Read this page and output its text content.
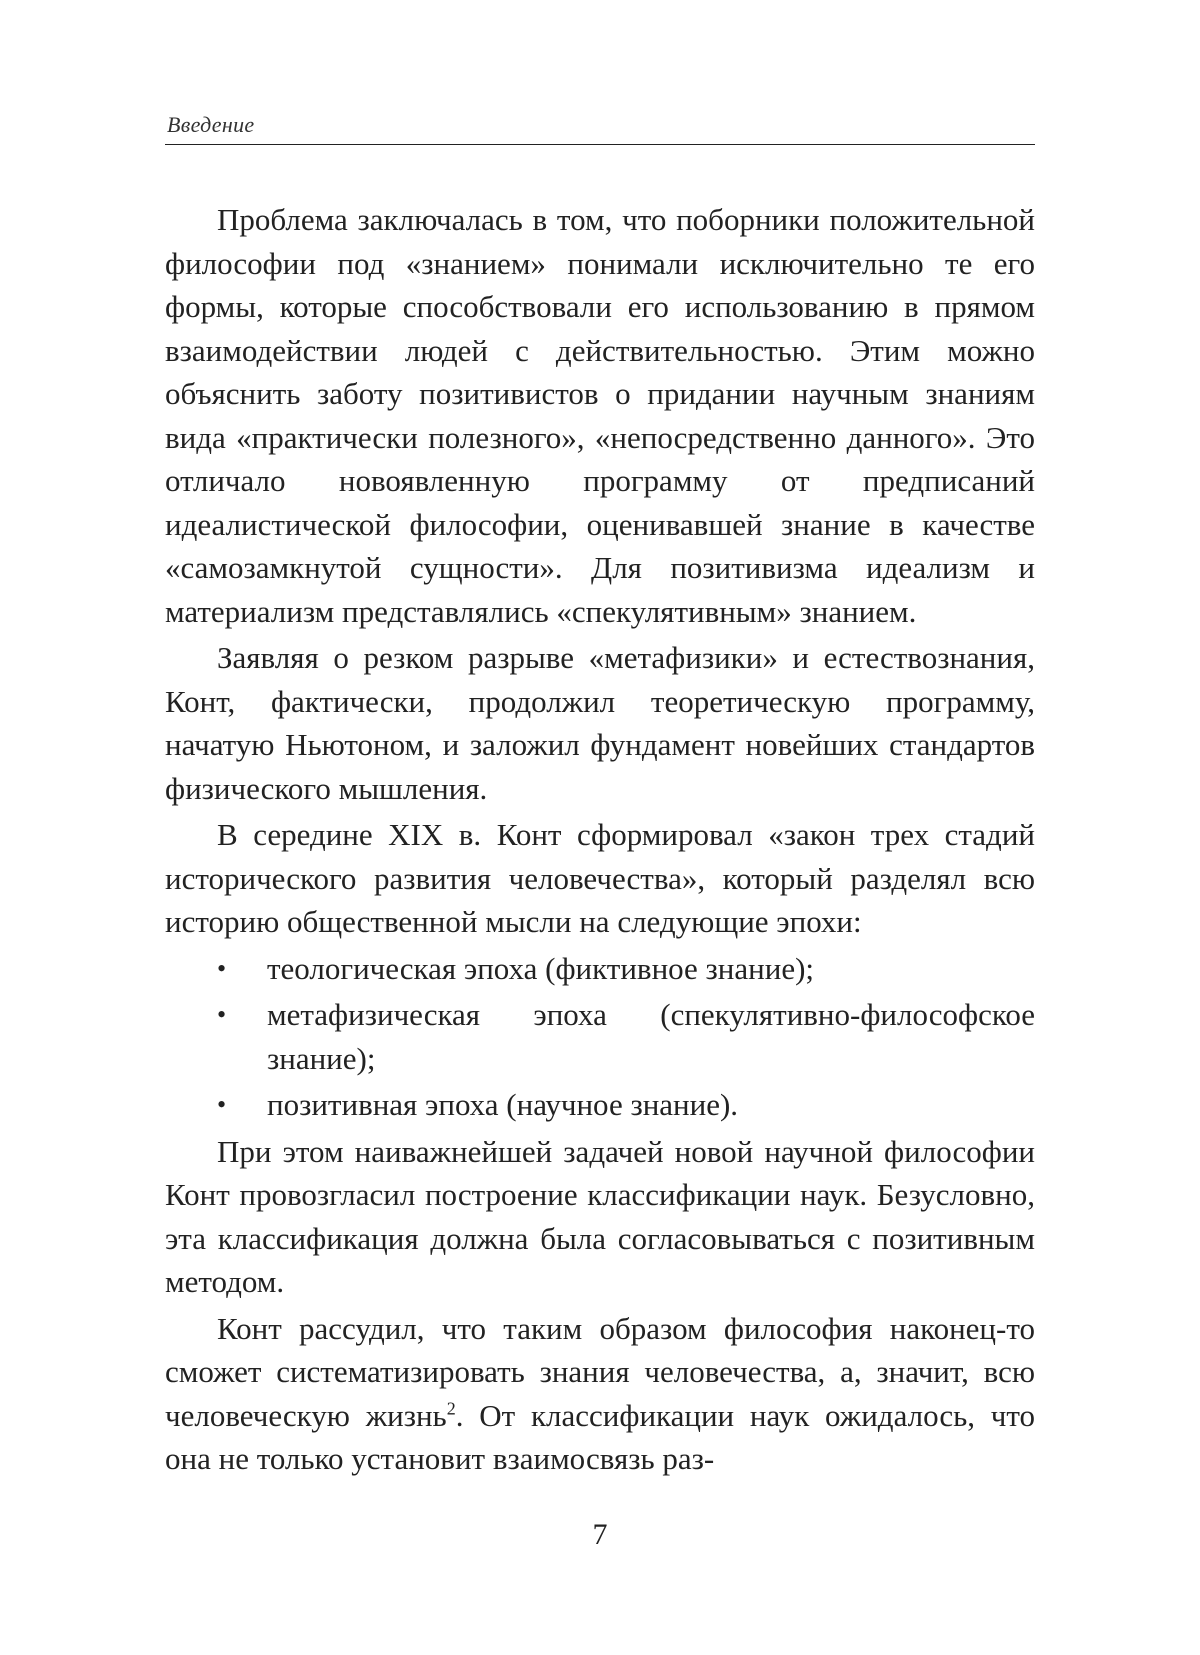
Введение

Проблема заключалась в том, что поборники положительной философии под «знанием» понимали исключительно те его формы, которые способствовали его использованию в прямом взаимодействии людей с действительностью. Этим можно объяснить заботу позитивистов о придании научным знаниям вида «практически полезного», «непосредственно данного». Это отличало новоявленную программу от предписаний идеалистической философии, оценивавшей знание в качестве «самозамкнутой сущности». Для позитивизма идеализм и материализм представлялись «спекулятивным» знанием.

Заявляя о резком разрыве «метафизики» и естествознания, Конт, фактически, продолжил теоретическую программу, начатую Ньютоном, и заложил фундамент новейших стандартов физического мышления.

В середине XIX в. Конт сформировал «закон трех стадий исторического развития человечества», который разделял всю историю общественной мысли на следующие эпохи:

• теологическая эпоха (фиктивное знание);
• метафизическая эпоха (спекулятивно-философское знание);
• позитивная эпоха (научное знание).

При этом наиважнейшей задачей новой научной философии Конт провозгласил построение классификации наук. Безусловно, эта классификация должна была согласовываться с позитивным методом.

Конт рассудил, что таким образом философия наконец-то сможет систематизировать знания человечества, а, значит, всю человеческую жизнь$^2$. От классификации наук ожидалось, что она не только установит взаимосвязь раз-

7
